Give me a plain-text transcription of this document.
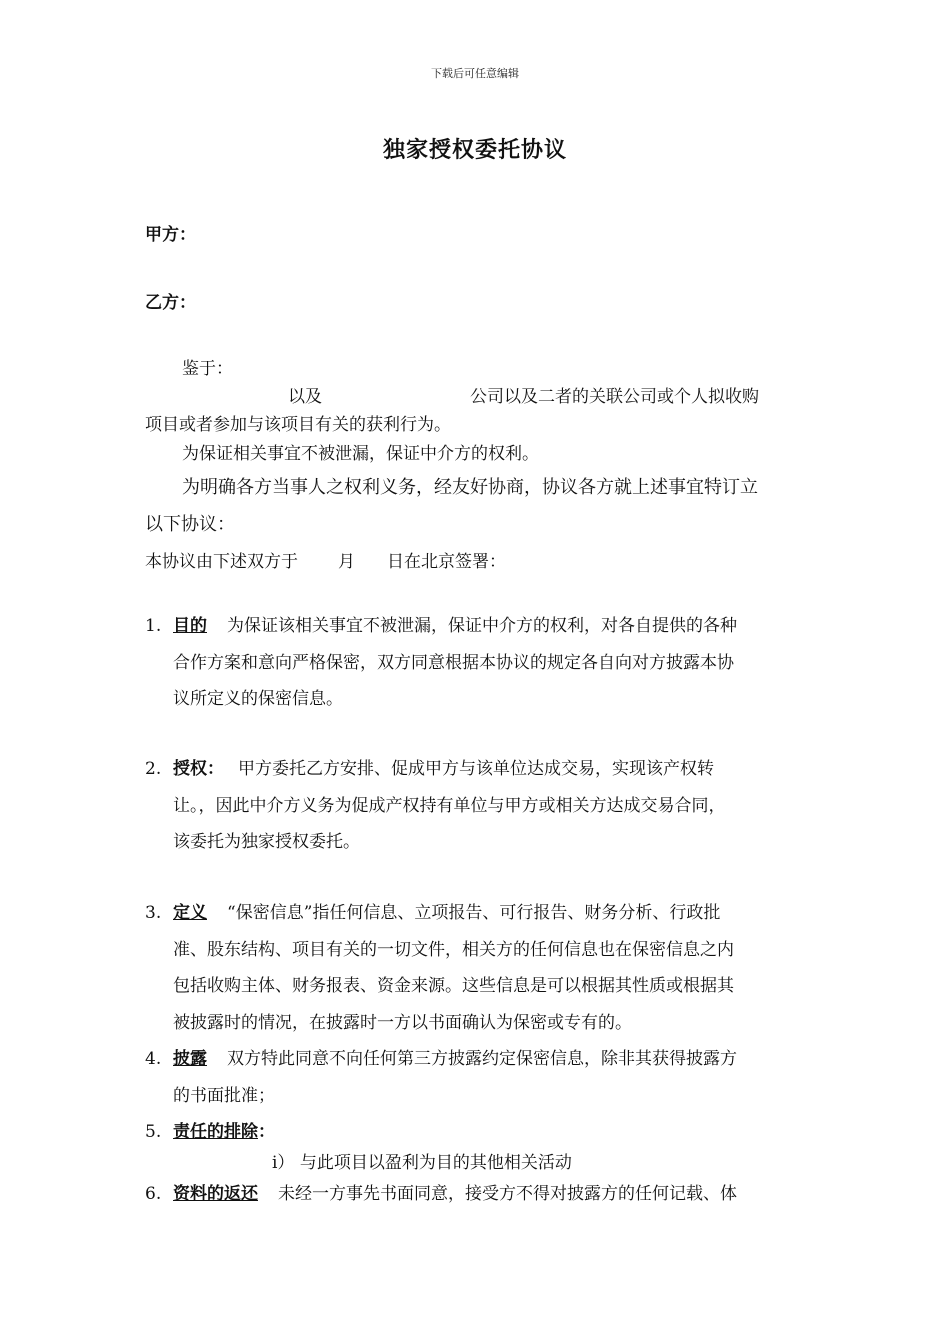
下载后可任意编辑
独家授权委托协议
甲方：
乙方：
鉴于：
以及	公司以及二者的关联公司或个人拟收购
项目或者参加与该项目有关的获利行为。
为保证相关事宜不被泄漏，保证中介方的权利。
为明确各方当事人之权利义务，经友好协商，协议各方就上述事宜特订立
以下协议：
本协议由下述双方于 月 日在北京签署：
1. 目的 为保证该相关事宜不被泄漏，保证中介方的权利，对各自提供的各种
合作方案和意向严格保密，双方同意根据本协议的规定各自向对方披露本协
议所定义的保密信息。
2. 授权： 甲方委托乙方安排、促成甲方与该单位达成交易，实现该产权转
让。，因此中介方义务为促成产权持有单位与甲方或相关方达成交易合同，
该委托为独家授权委托。
3. 定义 “保密信息”指任何信息、立项报告、可行报告、财务分析、行政批
准、股东结构、项目有关的一切文件，相关方的任何信息也在保密信息之内
包括收购主体、财务报表、资金来源。这些信息是可以根据其性质或根据其
被披露时的情况，在披露时一方以书面确认为保密或专有的。
4. 披露 双方特此同意不向任何第三方披露约定保密信息，除非其获得披露方
的书面批准；
5. 责任的排除：
i） 与此项目以盈利为目的其他相关活动
6. 资料的返还 未经一方事先书面同意，接受方不得对披露方的任何记载、体
